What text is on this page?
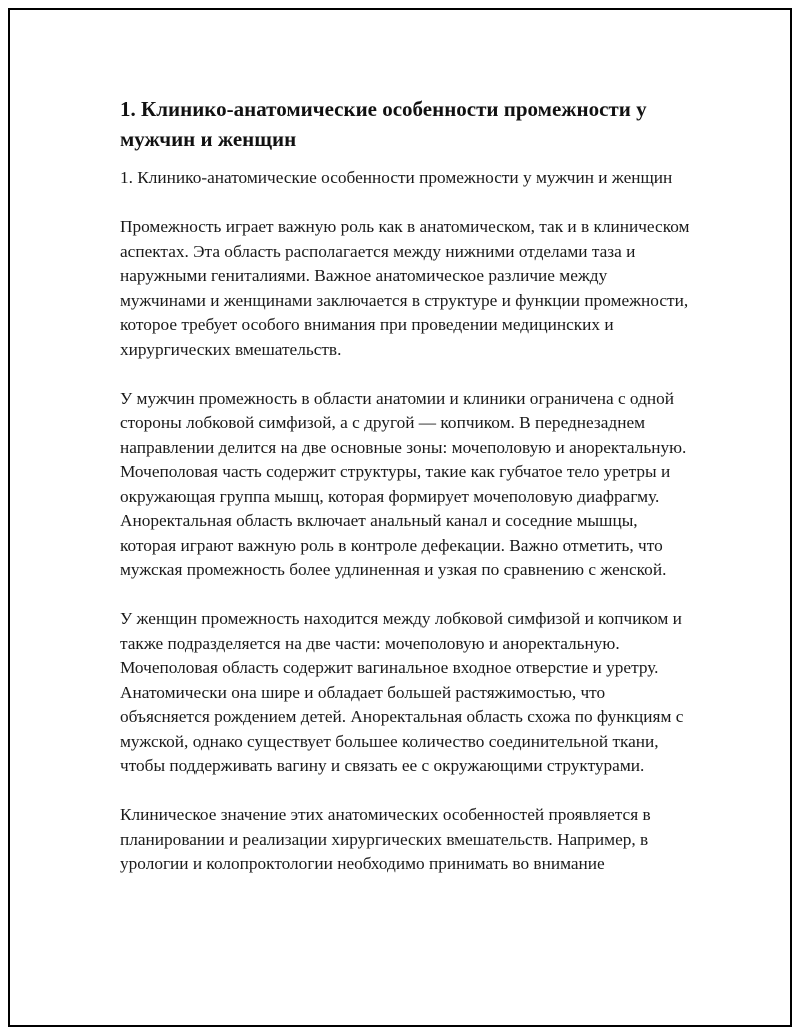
1. Клинико-анатомические особенности промежности у мужчин и женщин

1. Клинико-анатомические особенности промежности у мужчин и женщин

Промежность играет важную роль как в анатомическом, так и в клиническом аспектах. Эта область располагается между нижними отделами таза и наружными гениталиями. Важное анатомическое различие между мужчинами и женщинами заключается в структуре и функции промежности, которое требует особого внимания при проведении медицинских и хирургических вмешательств.

У мужчин промежность в области анатомии и клиники ограничена с одной стороны лобковой симфизой, а с другой — копчиком. В переднезаднем направлении делится на две основные зоны: мочеполовую и аноректальную. Мочеполовая часть содержит структуры, такие как губчатое тело уретры и окружающая группа мышц, которая формирует мочеполовую диафрагму. Аноректальная область включает анальный канал и соседние мышцы, которая играют важную роль в контроле дефекации. Важно отметить, что мужская промежность более удлиненная и узкая по сравнению с женской.

У женщин промежность находится между лобковой симфизой и копчиком и также подразделяется на две части: мочеполовую и аноректальную. Мочеполовая область содержит вагинальное входное отверстие и уретру. Анатомически она шире и обладает большей растяжимостью, что объясняется рождением детей. Аноректальная область схожа по функциям с мужской, однако существует большее количество соединительной ткани, чтобы поддерживать вагину и связать ее с окружающими структурами.

Клиническое значение этих анатомических особенностей проявляется в планировании и реализации хирургических вмешательств. Например, в урологии и колопроктологии необходимо принимать во внимание
